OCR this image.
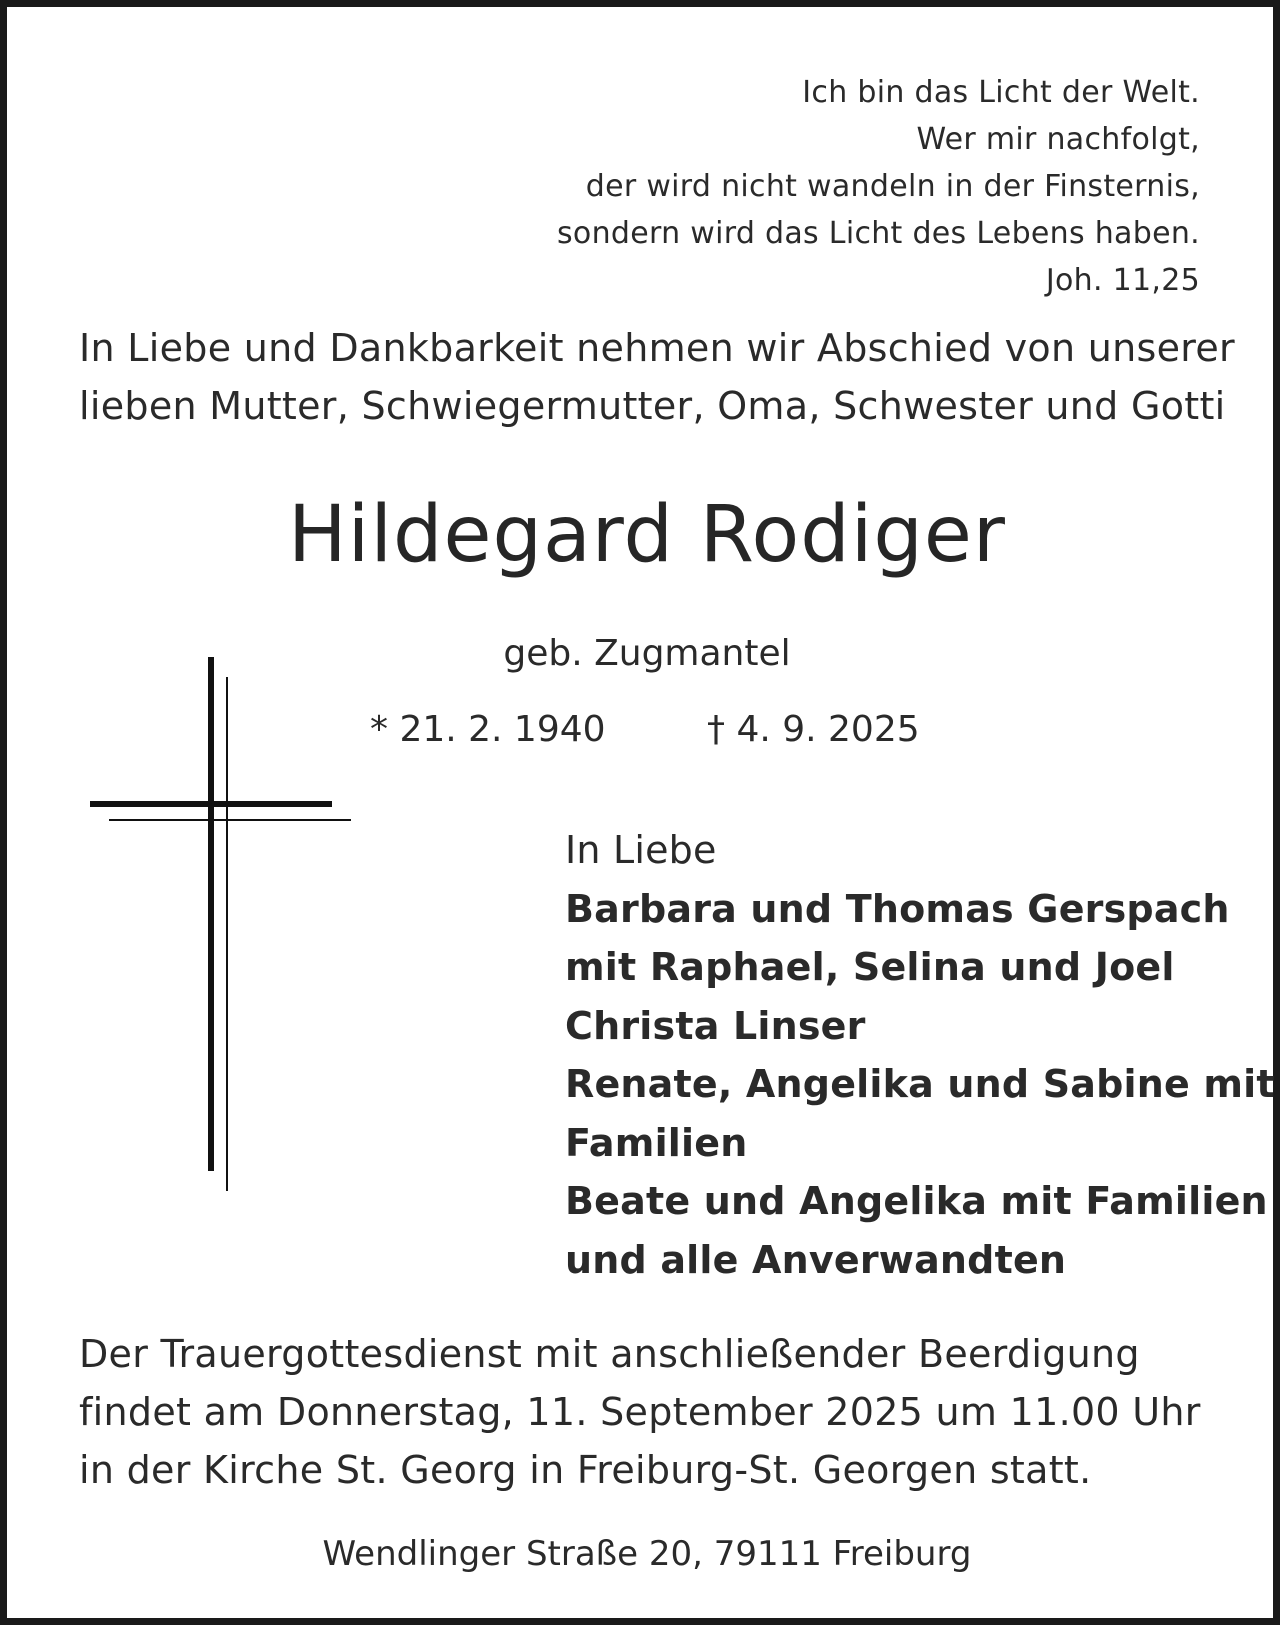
Ich bin das Licht der Welt.
Wer mir nachfolgt,
der wird nicht wandeln in der Finsternis,
sondern wird das Licht des Lebens haben.
Joh. 11,25
In Liebe und Dankbarkeit nehmen wir Abschied von unserer
lieben Mutter, Schwiegermutter, Oma, Schwester und Gotti
Hildegard Rodiger
geb. Zugmantel
* 21. 2. 1940	† 4. 9. 2025
In Liebe
Barbara und Thomas Gerspach
mit Raphael, Selina und Joel
Christa Linser
Renate, Angelika und Sabine mit
Familien
Beate und Angelika mit Familien
und alle Anverwandten
Der Trauergottesdienst mit anschließender Beerdigung
findet am Donnerstag, 11. September 2025 um 11.00 Uhr
in der Kirche St. Georg in Freiburg-St. Georgen statt.
Wendlinger Straße 20, 79111 Freiburg
